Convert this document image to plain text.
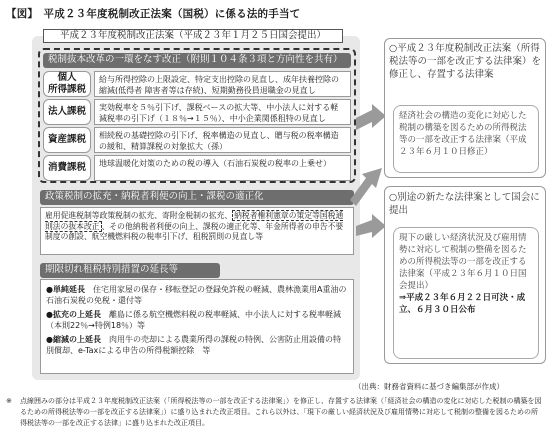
【図】　平成２３年度税制改正法案（国税）に係る法的手当て
平成２３年度税制改正法案（平成２３年１月２５日国会提出）
税制抜本改革の一環をなす改正（附則１０４条３項と方向性を共有）
個人
所得課税
給与所得控除の上限設定、特定支出控除の見直し、成年扶養控除の縮減(低得者 障害者等は存続)、短期勤務役員退職金の見直し
法人課税	実効税率を５％引下げ、課税ベースの拡大等、中小法人に対する軽減税率の引下げ（１８％→１５％）、中小企業関係租特の見直し
資産課税	相続税の基礎控除の引下げ、税率構造の見直し、贈与税の税率構造の緩和、精算課税の対象拡大（孫）
消費課税	地球温暖化対策のための税の導入（石油石炭税の税率の上乗せ）
政策税制の拡充・納税者利便の向上・課税の適正化
雇用促進税制等政策税制の拡充、寄附金税制の拡充、 納税者権利憲章の策定等国税通則法の抜本改正 、その他納税者利便の向上、課税の適正化等、年金所得者の申告不要制度の創設、航空機燃料税の税率引下げ、租税罰則の見直し等
期限切れ租税特別措置の延長等
●単純延長　住宅用家屋の保存・移転登記の登録免許税の軽減、農林漁業用A重油の石油石炭税の免税・還付等
●拡充の上延長　離島に係る航空機燃料税の税率軽減、中小法人に対する税率軽減（本則22％→特例18％）等
●縮減の上延長　肉用牛の売却による農業所得の課税の特例、公害防止用設備の特別償却、e-Taxによる申告の所得税額控除　等
○平成２３年度税制改正法案（所得税法等の一部を改正する法律案）を修正し、存置する法律案
経済社会の構造の変化に対応した税制の構築を図るための所得税法等の一部を改正する法律案（平成２３年６月１０日修正）
○別途の新たな法律案として国会に提出
現下の厳しい経済状況及び雇用情勢に対応して税制の整備を図るための所得税法等の一部を改正する法律案（平成２３年６月１０日国会提出）
⇒平成２３年６月２２日可決・成立、６月３０日公布
（出典：財務省資料に基づき編集部が作成）
※	点線囲みの部分は平成２３年度税制改正法案（「所得税法等の一部を改正する法律案」）を修正し、存置する法律案（「経済社会の構造の変化に対応した税制の構築を図るための所得税法等の一部を改正する法律案」）に盛り込まれた改正項目。これら以外は、「現下の厳しい経済状況及び雇用情勢に対応して税制の整備を図るための所得税法等の一部を改正する法律」に盛り込まれた改正項目。
